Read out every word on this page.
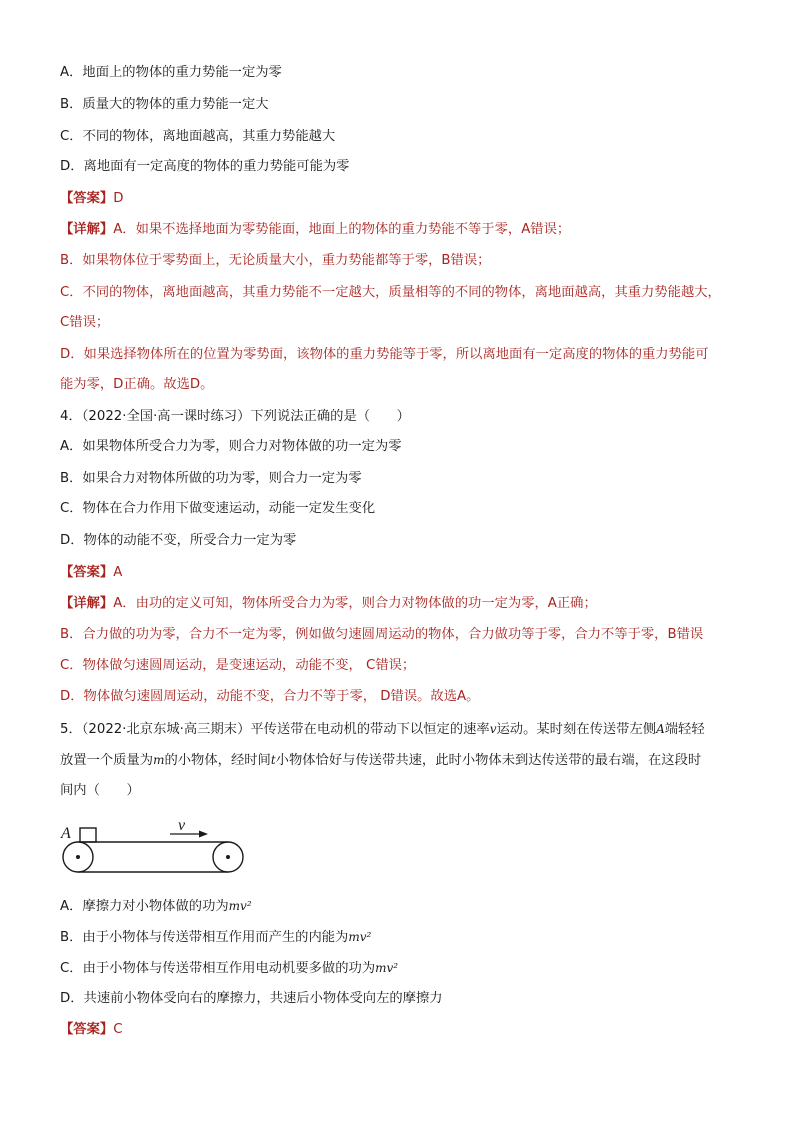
A．地面上的物体的重力势能一定为零
B．质量大的物体的重力势能一定大
C．不同的物体，离地面越高，其重力势能越大
D．离地面有一定高度的物体的重力势能可能为零
【答案】D
【详解】A．如果不选择地面为零势能面，地面上的物体的重力势能不等于零，A错误；
B．如果物体位于零势面上，无论质量大小，重力势能都等于零，B错误；
C．不同的物体，离地面越高，其重力势能不一定越大，质量相等的不同的物体，离地面越高，其重力势能越大，
C错误；
D．如果选择物体所在的位置为零势面，该物体的重力势能等于零，所以离地面有一定高度的物体的重力势能可
能为零，D正确。故选D。
4．（2022·全国·高一课时练习）下列说法正确的是（　　）
A．如果物体所受合力为零，则合力对物体做的功一定为零
B．如果合力对物体所做的功为零，则合力一定为零
C．物体在合力作用下做变速运动，动能一定发生变化
D．物体的动能不变，所受合力一定为零
【答案】A
【详解】A．由功的定义可知，物体所受合力为零，则合力对物体做的功一定为零，A正确；
B．合力做的功为零，合力不一定为零，例如做匀速圆周运动的物体，合力做功等于零，合力不等于零，B错误
C．物体做匀速圆周运动，是变速运动，动能不变， C错误；
D．物体做匀速圆周运动，动能不变，合力不等于零， D错误。故选A。
5．（2022·北京东城·高三期末）平传送带在电动机的带动下以恒定的速率v运动。某时刻在传送带左侧A端轻轻
放置一个质量为m的小物体，经时间t小物体恰好与传送带共速，此时小物体未到达传送带的最右端，在这段时
间内（　　）
A	v
A．摩擦力对小物体做的功为mv²
B．由于小物体与传送带相互作用而产生的内能为mv²
C．由于小物体与传送带相互作用电动机要多做的功为mv²
D．共速前小物体受向右的摩擦力，共速后小物体受向左的摩擦力
【答案】C
